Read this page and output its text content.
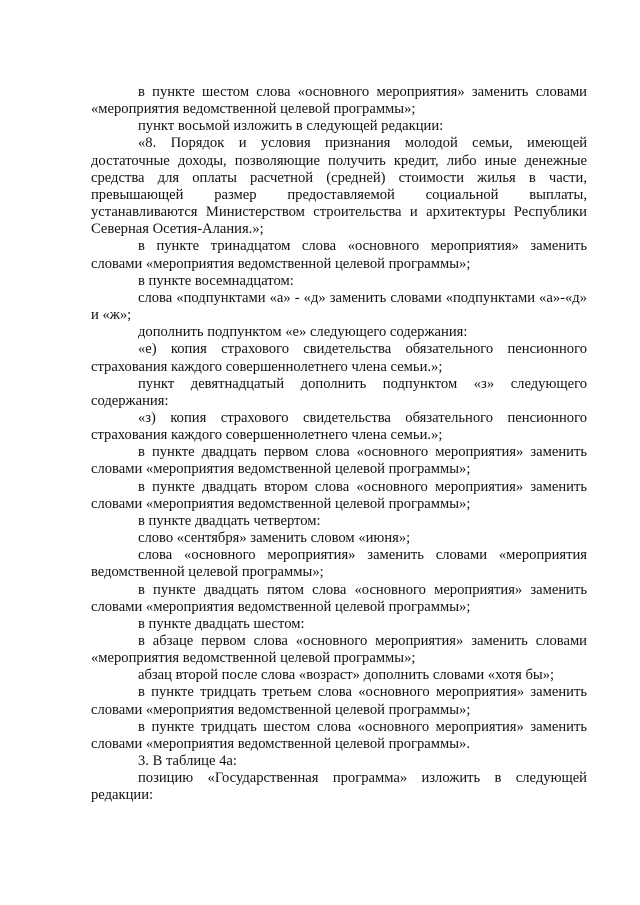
в пункте шестом слова «основного мероприятия» заменить словами «мероприятия ведомственной целевой программы»;

пункт восьмой изложить в следующей редакции:

«8. Порядок и условия признания молодой семьи, имеющей достаточные доходы, позволяющие получить кредит, либо иные денежные средства для оплаты расчетной (средней) стоимости жилья в части, превышающей размер предоставляемой социальной выплаты, устанавливаются Министерством строительства и архитектуры Республики Северная Осетия-Алания.»;

в пункте тринадцатом слова «основного мероприятия» заменить словами «мероприятия ведомственной целевой программы»;

в пункте восемнадцатом:

слова «подпунктами «а» - «д» заменить словами «подпунктами «а»-«д» и «ж»;

дополнить подпунктом «е» следующего содержания:

«е) копия страхового свидетельства обязательного пенсионного страхования каждого совершеннолетнего члена семьи.»;

пункт девятнадцатый дополнить подпунктом «з» следующего содержания:

«з) копия страхового свидетельства обязательного пенсионного страхования каждого совершеннолетнего члена семьи.»;

в пункте двадцать первом слова «основного мероприятия» заменить словами «мероприятия ведомственной целевой программы»;

в пункте двадцать втором слова «основного мероприятия» заменить словами «мероприятия ведомственной целевой программы»;

в пункте двадцать четвертом:

слово «сентября» заменить словом «июня»;

слова «основного мероприятия» заменить словами «мероприятия ведомственной целевой программы»;

в пункте двадцать пятом слова «основного мероприятия» заменить словами «мероприятия ведомственной целевой программы»;

в пункте двадцать шестом:

в абзаце первом слова «основного мероприятия» заменить словами «мероприятия ведомственной целевой программы»;

абзац второй после слова «возраст» дополнить словами «хотя бы»;

в пункте тридцать третьем слова «основного мероприятия» заменить словами «мероприятия ведомственной целевой программы»;

в пункте тридцать шестом слова «основного мероприятия» заменить словами «мероприятия ведомственной целевой программы».

3. В таблице 4а:

позицию «Государственная программа» изложить в следующей редакции:
